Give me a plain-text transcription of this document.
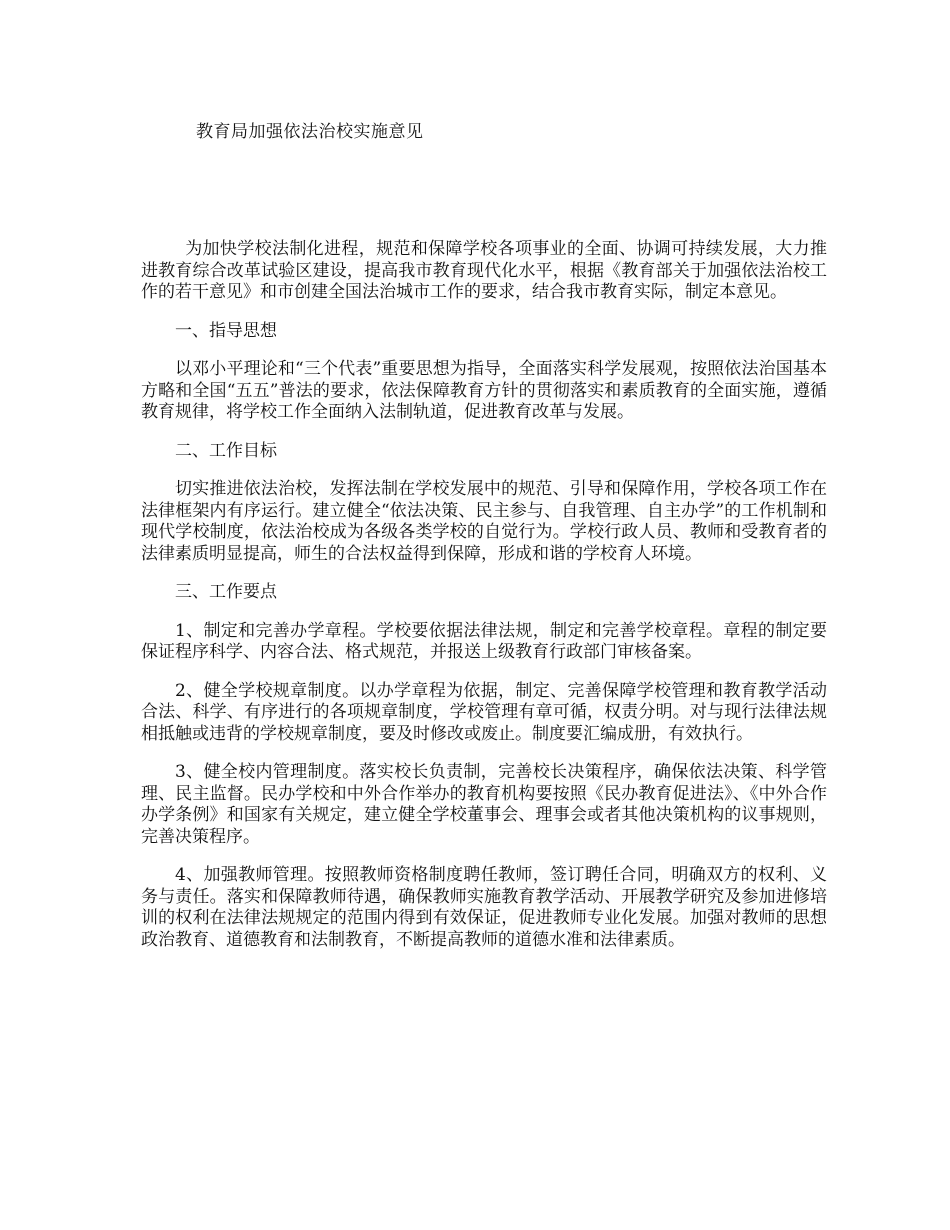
教育局加强依法治校实施意见

为加快学校法制化进程，规范和保障学校各项事业的全面、协调可持续发展，大力推进教育综合改革试验区建设，提高我市教育现代化水平，根据《教育部关于加强依法治校工作的若干意见》和市创建全国法治城市工作的要求，结合我市教育实际，制定本意见。

一、指导思想

以邓小平理论和“三个代表”重要思想为指导，全面落实科学发展观，按照依法治国基本方略和全国“五五”普法的要求，依法保障教育方针的贯彻落实和素质教育的全面实施，遵循教育规律，将学校工作全面纳入法制轨道，促进教育改革与发展。

二、工作目标

切实推进依法治校，发挥法制在学校发展中的规范、引导和保障作用，学校各项工作在法律框架内有序运行。建立健全“依法决策、民主参与、自我管理、自主办学”的工作机制和现代学校制度，依法治校成为各级各类学校的自觉行为。学校行政人员、教师和受教育者的法律素质明显提高，师生的合法权益得到保障，形成和谐的学校育人环境。

三、工作要点

1、制定和完善办学章程。学校要依据法律法规，制定和完善学校章程。章程的制定要保证程序科学、内容合法、格式规范，并报送上级教育行政部门审核备案。

2、健全学校规章制度。以办学章程为依据，制定、完善保障学校管理和教育教学活动合法、科学、有序进行的各项规章制度，学校管理有章可循，权责分明。对与现行法律法规相抵触或违背的学校规章制度，要及时修改或废止。制度要汇编成册，有效执行。

3、健全校内管理制度。落实校长负责制，完善校长决策程序，确保依法决策、科学管理、民主监督。民办学校和中外合作举办的教育机构要按照《民办教育促进法》、《中外合作办学条例》和国家有关规定，建立健全学校董事会、理事会或者其他决策机构的议事规则，完善决策程序。

4、加强教师管理。按照教师资格制度聘任教师，签订聘任合同，明确双方的权利、义务与责任。落实和保障教师待遇，确保教师实施教育教学活动、开展教学研究及参加进修培训的权利在法律法规规定的范围内得到有效保证，促进教师专业化发展。加强对教师的思想政治教育、道德教育和法制教育，不断提高教师的道德水准和法律素质。
